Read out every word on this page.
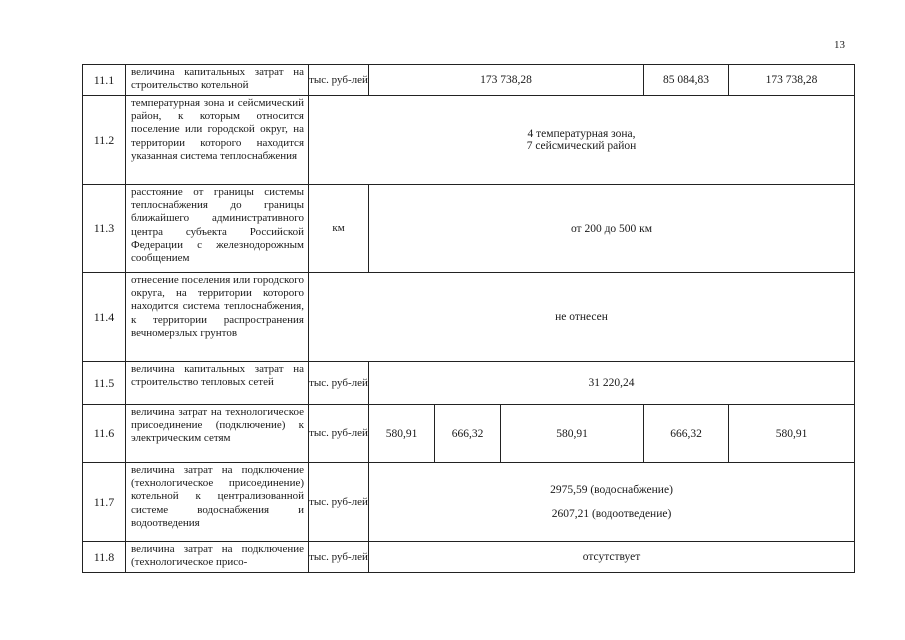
13
11.1	величина капитальных затрат на строительство котельной	тыс. руб-лей	173 738,28			85 084,83	173 738,28
11.2	температурная зона и сейсмический район, к которым относится поселение или городской округ, на территории которого находится указанная система теплоснабжения	4 температурная зона,
7 сейсмический район					

11.3	расстояние от границы системы теплоснабжения до границы ближайшего административного центра субъекта Российской Федерации с железнодорожным сообщением	км	от 200 до 500 км				
11.4	отнесение поселения или городского округа, на территории которого находится система теплоснабжения, к территории распространения вечномерзлых грунтов	не отнесен					
11.5	величина капитальных затрат на строительство тепловых сетей	тыс. руб-лей	31 220,24				
11.6	величина затрат на технологическое присоединение (подключение) к электрическим сетям	тыс. руб-лей	580,91	666,32	580,91	666,32	580,91
11.7	величина затрат на подключение (технологическое присоединение) котельной к централизованной системе водоснабжения и водоотведения	тыс. руб-лей	2975,59 (водоснабжение)
2607,21 (водоотведение)				

11.8	величина затрат на подключение (технологическое присо-	тыс. руб-лей	отсутствует				
